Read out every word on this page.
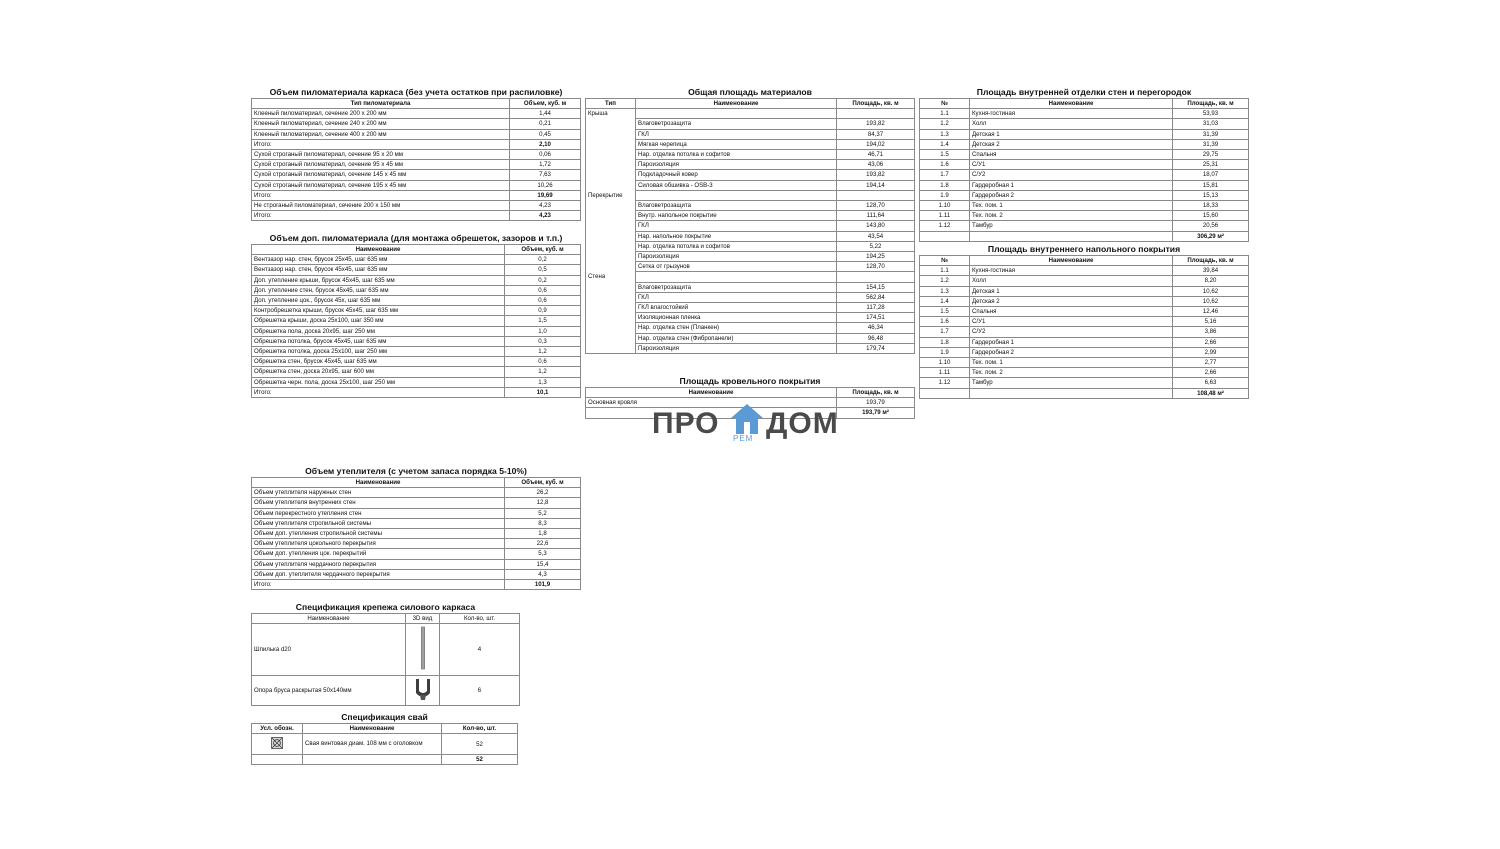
Объем пиломатериала каркаса (без учета остатков при распиловке)
Тип пиломатериала	Объем, куб. м
Клееный пиломатериал, сечение 200 х 200 мм	1,44
Клееный пиломатериал, сечение 240 х 200 мм	0,21
Клееный пиломатериал, сечение 400 х 200 мм	0,45
Итого:	2,10
Сухой строганый пиломатериал, сечение 95 х 20 мм	0,06
Сухой строганый пиломатериал, сечение 95 х 45 мм	1,72
Сухой строганый пиломатериал, сечение 145 х 45 мм	7,63
Сухой строганый пиломатериал, сечение 195 х 45 мм	10,26
Итого:	19,69
Не строганый пиломатериал, сечение 200 х 150 мм	4,23
Итого:	4,23
Объем доп. пиломатериала (для монтажа обрешеток, зазоров и т.п.)
Наименование	Объем, куб. м
Вентзазор нар. стен, брусок 25х45, шаг 635 мм	0,2
Вентзазор нар. стен, брусок 45х45, шаг 635 мм	0,5
Доп. утепление крыши, брусок 45х45, шаг 635 мм	0,2
Доп. утепление стен, брусок 45х45, шаг 635 мм	0,6
Доп. утепление цок., брусок 45х, шаг 635 мм	0,6
Контробрешетка крыши, брусок 45х45, шаг 635 мм	0,9
Обрешетка крыши, доска 25х100, шаг 350 мм	1,5
Обрешетка пола, доска 20х95, шаг 250 мм	1,0
Обрешетка потолка, брусок 45х45, шаг 635 мм	0,3
Обрешетка потолка, доска 25х100, шаг 250 мм	1,2
Обрешетка стен, брусок 45х45, шаг 635 мм	0,6
Обрешетка стен, доска 20х95, шаг 600 мм	1,2
Обрешетка черн. пола, доска 25х100, шаг 250 мм	1,3
Итого:	10,1
Объем утеплителя (с учетом запаса порядка 5-10%)
Наименование	Объем, куб. м
Объем утеплителя наружных стен	26,2
Объем утеплителя внутренних стен	12,8
Объем перекрестного утепления стен	5,2
Объем утеплителя стропильной системы	8,3
Объем доп. утепления стропильной системы	1,8
Объем утеплителя цокольного перекрытия	22,6
Объем доп. утепления цок. перекрытий	5,3
Объем утеплителя чердачного перекрытия	15,4
Объем доп. утеплителя чердачного перекрытия	4,3
Итого:	101,9
Спецификация крепежа силового каркаса
Наименование	3D вид	Кол-во, шт.
Шпилька d20		4
Опора бруса раскрытая 50х140мм		6
Спецификация свай
Усл. обозн.	Наименование	Кол-во, шт.
	Свая винтовая диам. 108 мм с оголовком	52
		52
Общая площадь материалов
Тип	Наименование	Площадь, кв. м
Крыша		
	Влаговетрозащита	193,82
	ГКЛ	84,37
	Мягкая черепица	194,02
	Нар. отделка потолка и софитов	46,71
	Пароизоляция	43,06
	Подкладочный ковер	193,82
	Силовая обшивка - OSB-3	194,14
Перекрытие		
	Влаговетрозащита	128,70
	Внутр. напольное покрытие	111,64
	ГКЛ	143,80
	Нар. напольное покрытие	43,54
	Нар. отделка потолка и софитов	5,22
	Пароизоляция	194,25
	Сетка от грызунов	128,70
Стена		
	Влаговетрозащита	154,15
	ГКЛ	562,84
	ГКЛ влагостойкий	117,28
	Изоляционная пленка	174,51
	Нар. отделка стен (Планкен)	46,34
	Нар. отделка стен (Фибропанели)	96,48
	Пароизоляция	179,74
Площадь кровельного покрытия
Наименование	Площадь, кв. м
Основная кровля	193,79
	193,79 м²
Площадь внутренней отделки стен и перегородок
№	Наименование	Площадь, кв. м
1.1	Кухня-гостиная	53,93
1.2	Холл	31,03
1.3	Детская 1	31,39
1.4	Детская 2	31,39
1.5	Спальня	29,75
1.6	С/У1	25,31
1.7	С/У2	18,07
1.8	Гардеробная 1	15,81
1.9	Гардеробная 2	15,13
1.10	Тех. пом. 1	18,33
1.11	Тех. пом. 2	15,60
1.12	Тамбур	20,56
		306,29 м²
Площадь внутреннего напольного покрытия
№	Наименование	Площадь, кв. м
1.1	Кухня-гостиная	39,84
1.2	Холл	8,20
1.3	Детская 1	10,62
1.4	Детская 2	10,62
1.5	Спальня	12,46
1.6	С/У1	5,16
1.7	С/У2	3,86
1.8	Гардеробная 1	2,66
1.9	Гардеробная 2	2,99
1.10	Тех. пом. 1	2,77
1.11	Тех. пом. 2	2,66
1.12	Тамбур	6,63
		108,48 м²
ПРО РЕМ ДОМ
